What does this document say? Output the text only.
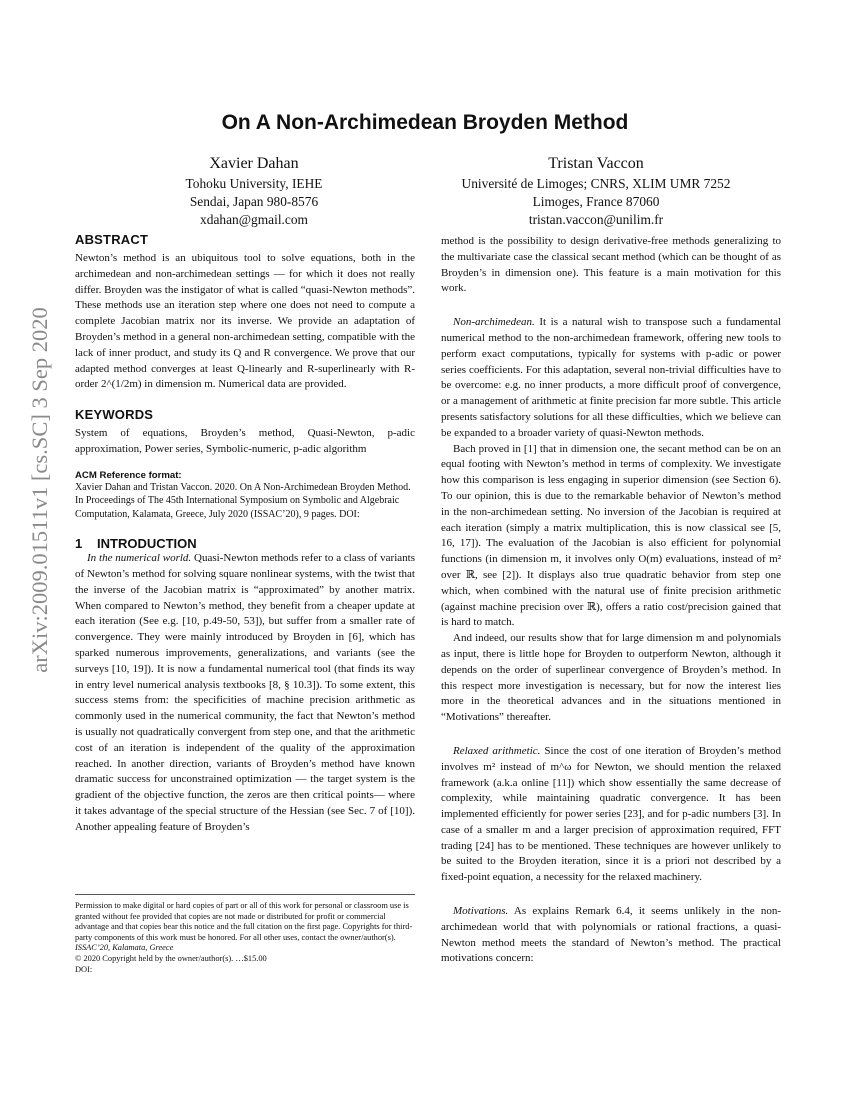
On A Non-Archimedean Broyden Method
Xavier Dahan
Tohoku University, IEHE
Sendai, Japan 980-8576
xdahan@gmail.com
Tristan Vaccon
Université de Limoges; CNRS, XLIM UMR 7252
Limoges, France 87060
tristan.vaccon@unilim.fr
arXiv:2009.01511v1 [cs.SC] 3 Sep 2020
ABSTRACT

Newton’s method is an ubiquitous tool to solve equations, both in the archimedean and non-archimedean settings — for which it does not really differ. Broyden was the instigator of what is called “quasi-Newton methods”. These methods use an iteration step where one does not need to compute a complete Jacobian matrix nor its inverse. We provide an adaptation of Broyden’s method in a general non-archimedean setting, compatible with the lack of inner product, and study its Q and R convergence. We prove that our adapted method converges at least Q-linearly and R-superlinearly with R-order 2^(1/2m) in dimension m. Numerical data are provided.

KEYWORDS

System of equations, Broyden’s method, Quasi-Newton, p-adic approximation, Power series, Symbolic-numeric, p-adic algorithm

ACM Reference format:

Xavier Dahan and Tristan Vaccon. 2020. On A Non-Archimedean Broyden Method. In Proceedings of The 45th International Symposium on Symbolic and Algebraic Computation, Kalamata, Greece, July 2020 (ISSAC’20), 9 pages. DOI:

1 INTRODUCTION

In the numerical world. Quasi-Newton methods refer to a class of variants of Newton’s method for solving square nonlinear systems, with the twist that the inverse of the Jacobian matrix is “approximated” by another matrix. When compared to Newton’s method, they benefit from a cheaper update at each iteration (See e.g. [10, p.49-50, 53]), but suffer from a smaller rate of convergence. They were mainly introduced by Broyden in [6], which has sparked numerous improvements, generalizations, and variants (see the surveys [10, 19]). It is now a fundamental numerical tool (that finds its way in entry level numerical analysis textbooks [8, § 10.3]). To some extent, this success stems from: the specificities of machine precision arithmetic as commonly used in the numerical community, the fact that Newton’s method is usually not quadratically convergent from step one, and that the arithmetic cost of an iteration is independent of the quality of the approximation reached. In another direction, variants of Broyden’s method have known dramatic success for unconstrained optimization — the target system is the gradient of the objective function, the zeros are then critical points— where it takes advantage of the special structure of the Hessian (see Sec. 7 of [10]). Another appealing feature of Broyden’s

Permission to make digital or hard copies of part or all of this work for personal or classroom use is granted without fee provided that copies are not made or distributed for profit or commercial advantage and that copies bear this notice and the full citation on the first page. Copyrights for third-party components of this work must be honored. For all other uses, contact the owner/author(s).
ISSAC’20, Kalamata, Greece
© 2020 Copyright held by the owner/author(s). …$15.00
DOI:

method is the possibility to design derivative-free methods generalizing to the multivariate case the classical secant method (which can be thought of as Broyden’s in dimension one). This feature is a main motivation for this work.

Non-archimedean. It is a natural wish to transpose such a fundamental numerical method to the non-archimedean framework, offering new tools to perform exact computations, typically for systems with p-adic or power series coefficients. For this adaptation, several non-trivial difficulties have to be overcome: e.g. no inner products, a more difficult proof of convergence, or a management of arithmetic at finite precision far more subtle. This article presents satisfactory solutions for all these difficulties, which we believe can be expanded to a broader variety of quasi-Newton methods.

Bach proved in [1] that in dimension one, the secant method can be on an equal footing with Newton’s method in terms of complexity. We investigate how this comparison is less engaging in superior dimension (see Section 6). To our opinion, this is due to the remarkable behavior of Newton’s method in the non-archimedean setting. No inversion of the Jacobian is required at each iteration (simply a matrix multiplication, this is now classical see [5, 16, 17]). The evaluation of the Jacobian is also efficient for polynomial functions (in dimension m, it involves only O(m) evaluations, instead of m² over ℝ, see [2]). It displays also true quadratic behavior from step one which, when combined with the natural use of finite precision arithmetic (against machine precision over ℝ), offers a ratio cost/precision gained that is hard to match.

And indeed, our results show that for large dimension m and polynomials as input, there is little hope for Broyden to outperform Newton, although it depends on the order of superlinear convergence of Broyden’s method. In this respect more investigation is necessary, but for now the interest lies more in the theoretical advances and in the situations mentioned in “Motivations” thereafter.

Relaxed arithmetic. Since the cost of one iteration of Broyden’s method involves m² instead of m^ω for Newton, we should mention the relaxed framework (a.k.a online [11]) which show essentially the same decrease of complexity, while maintaining quadratic convergence. It has been implemented efficiently for power series [23], and for p-adic numbers [3]. In case of a smaller m and a larger precision of approximation required, FFT trading [24] has to be mentioned. These techniques are however unlikely to be suited to the Broyden iteration, since it is a priori not described by a fixed-point equation, a necessity for the relaxed machinery.

Motivations. As explains Remark 6.4, it seems unlikely in the non-archimedean world that with polynomials or rational fractions, a quasi-Newton method meets the standard of Newton’s method. The practical motivations concern:
